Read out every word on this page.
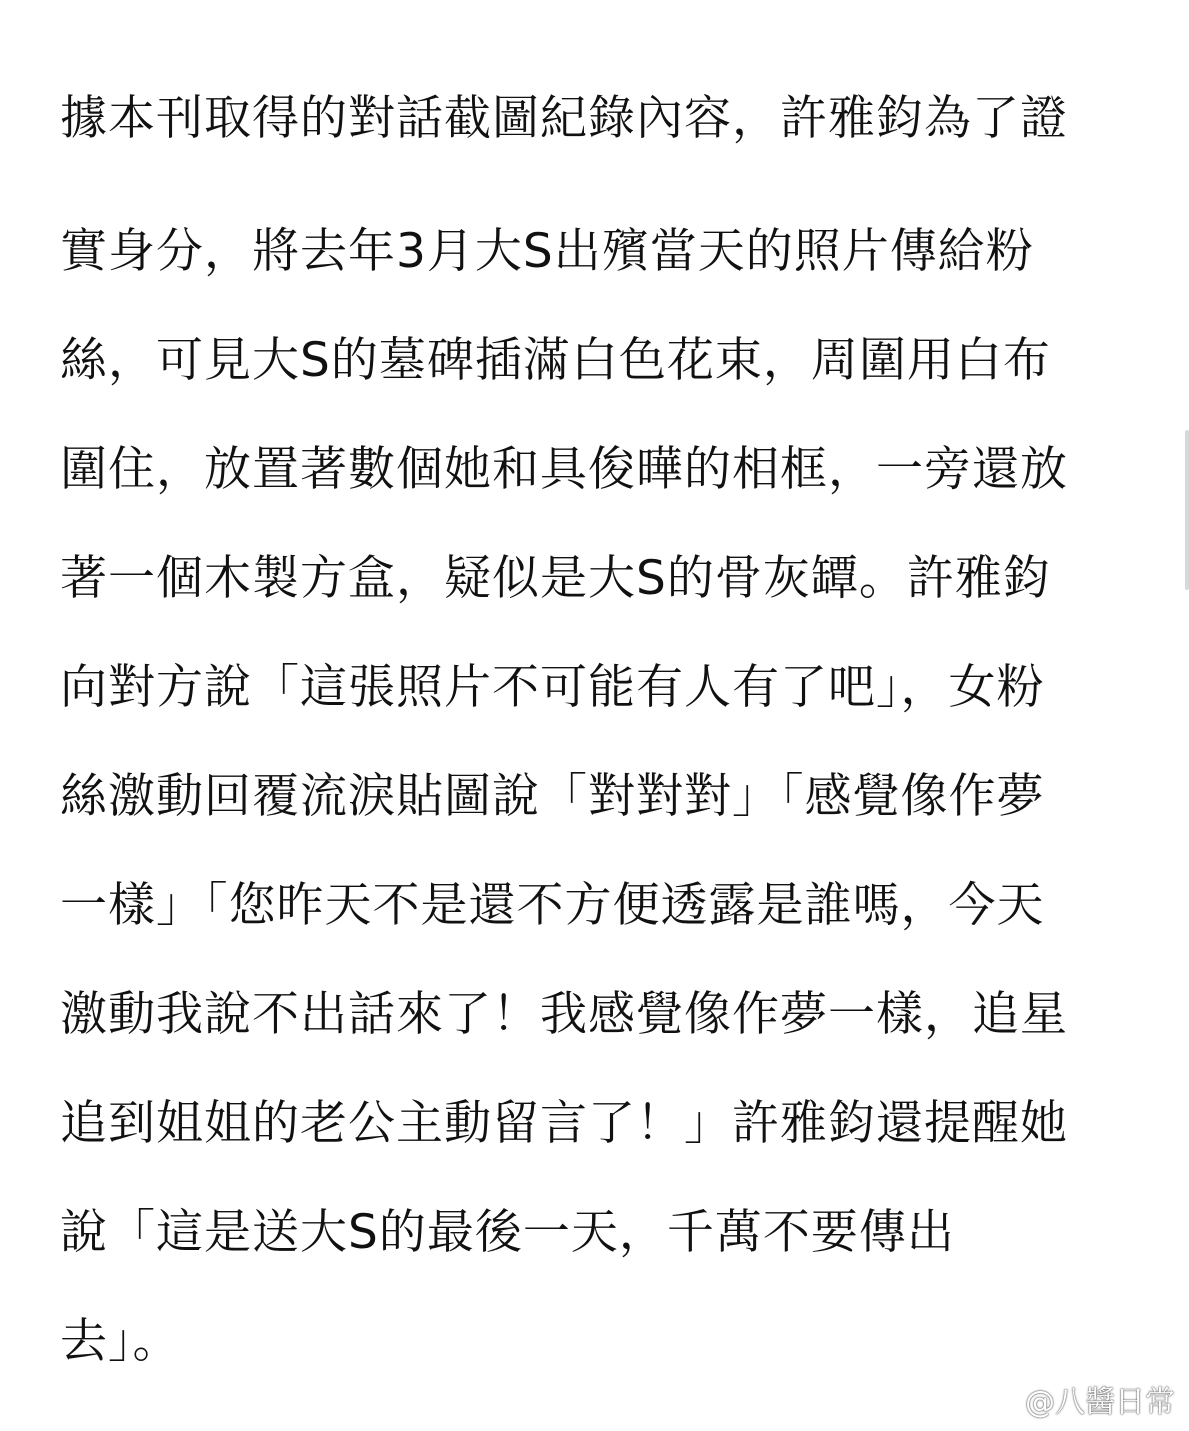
據本刊取得的對話截圖紀錄內容，許雅鈞為了證
實身分，將去年3月大S出殯當天的照片傳給粉
絲，可見大S的墓碑插滿白色花束，周圍用白布
圍住，放置著數個她和具俊曄的相框，一旁還放
著一個木製方盒，疑似是大S的骨灰罈。許雅鈞
向對方說「這張照片不可能有人有了吧」，女粉
絲激動回覆流淚貼圖說「對對對」「感覺像作夢
一樣」「您昨天不是還不方便透露是誰嗎，今天
激動我說不出話來了！我感覺像作夢一樣，追星
追到姐姐的老公主動留言了！」許雅鈞還提醒她
說「這是送大S的最後一天，千萬不要傳出
去」。
@八醬日常
